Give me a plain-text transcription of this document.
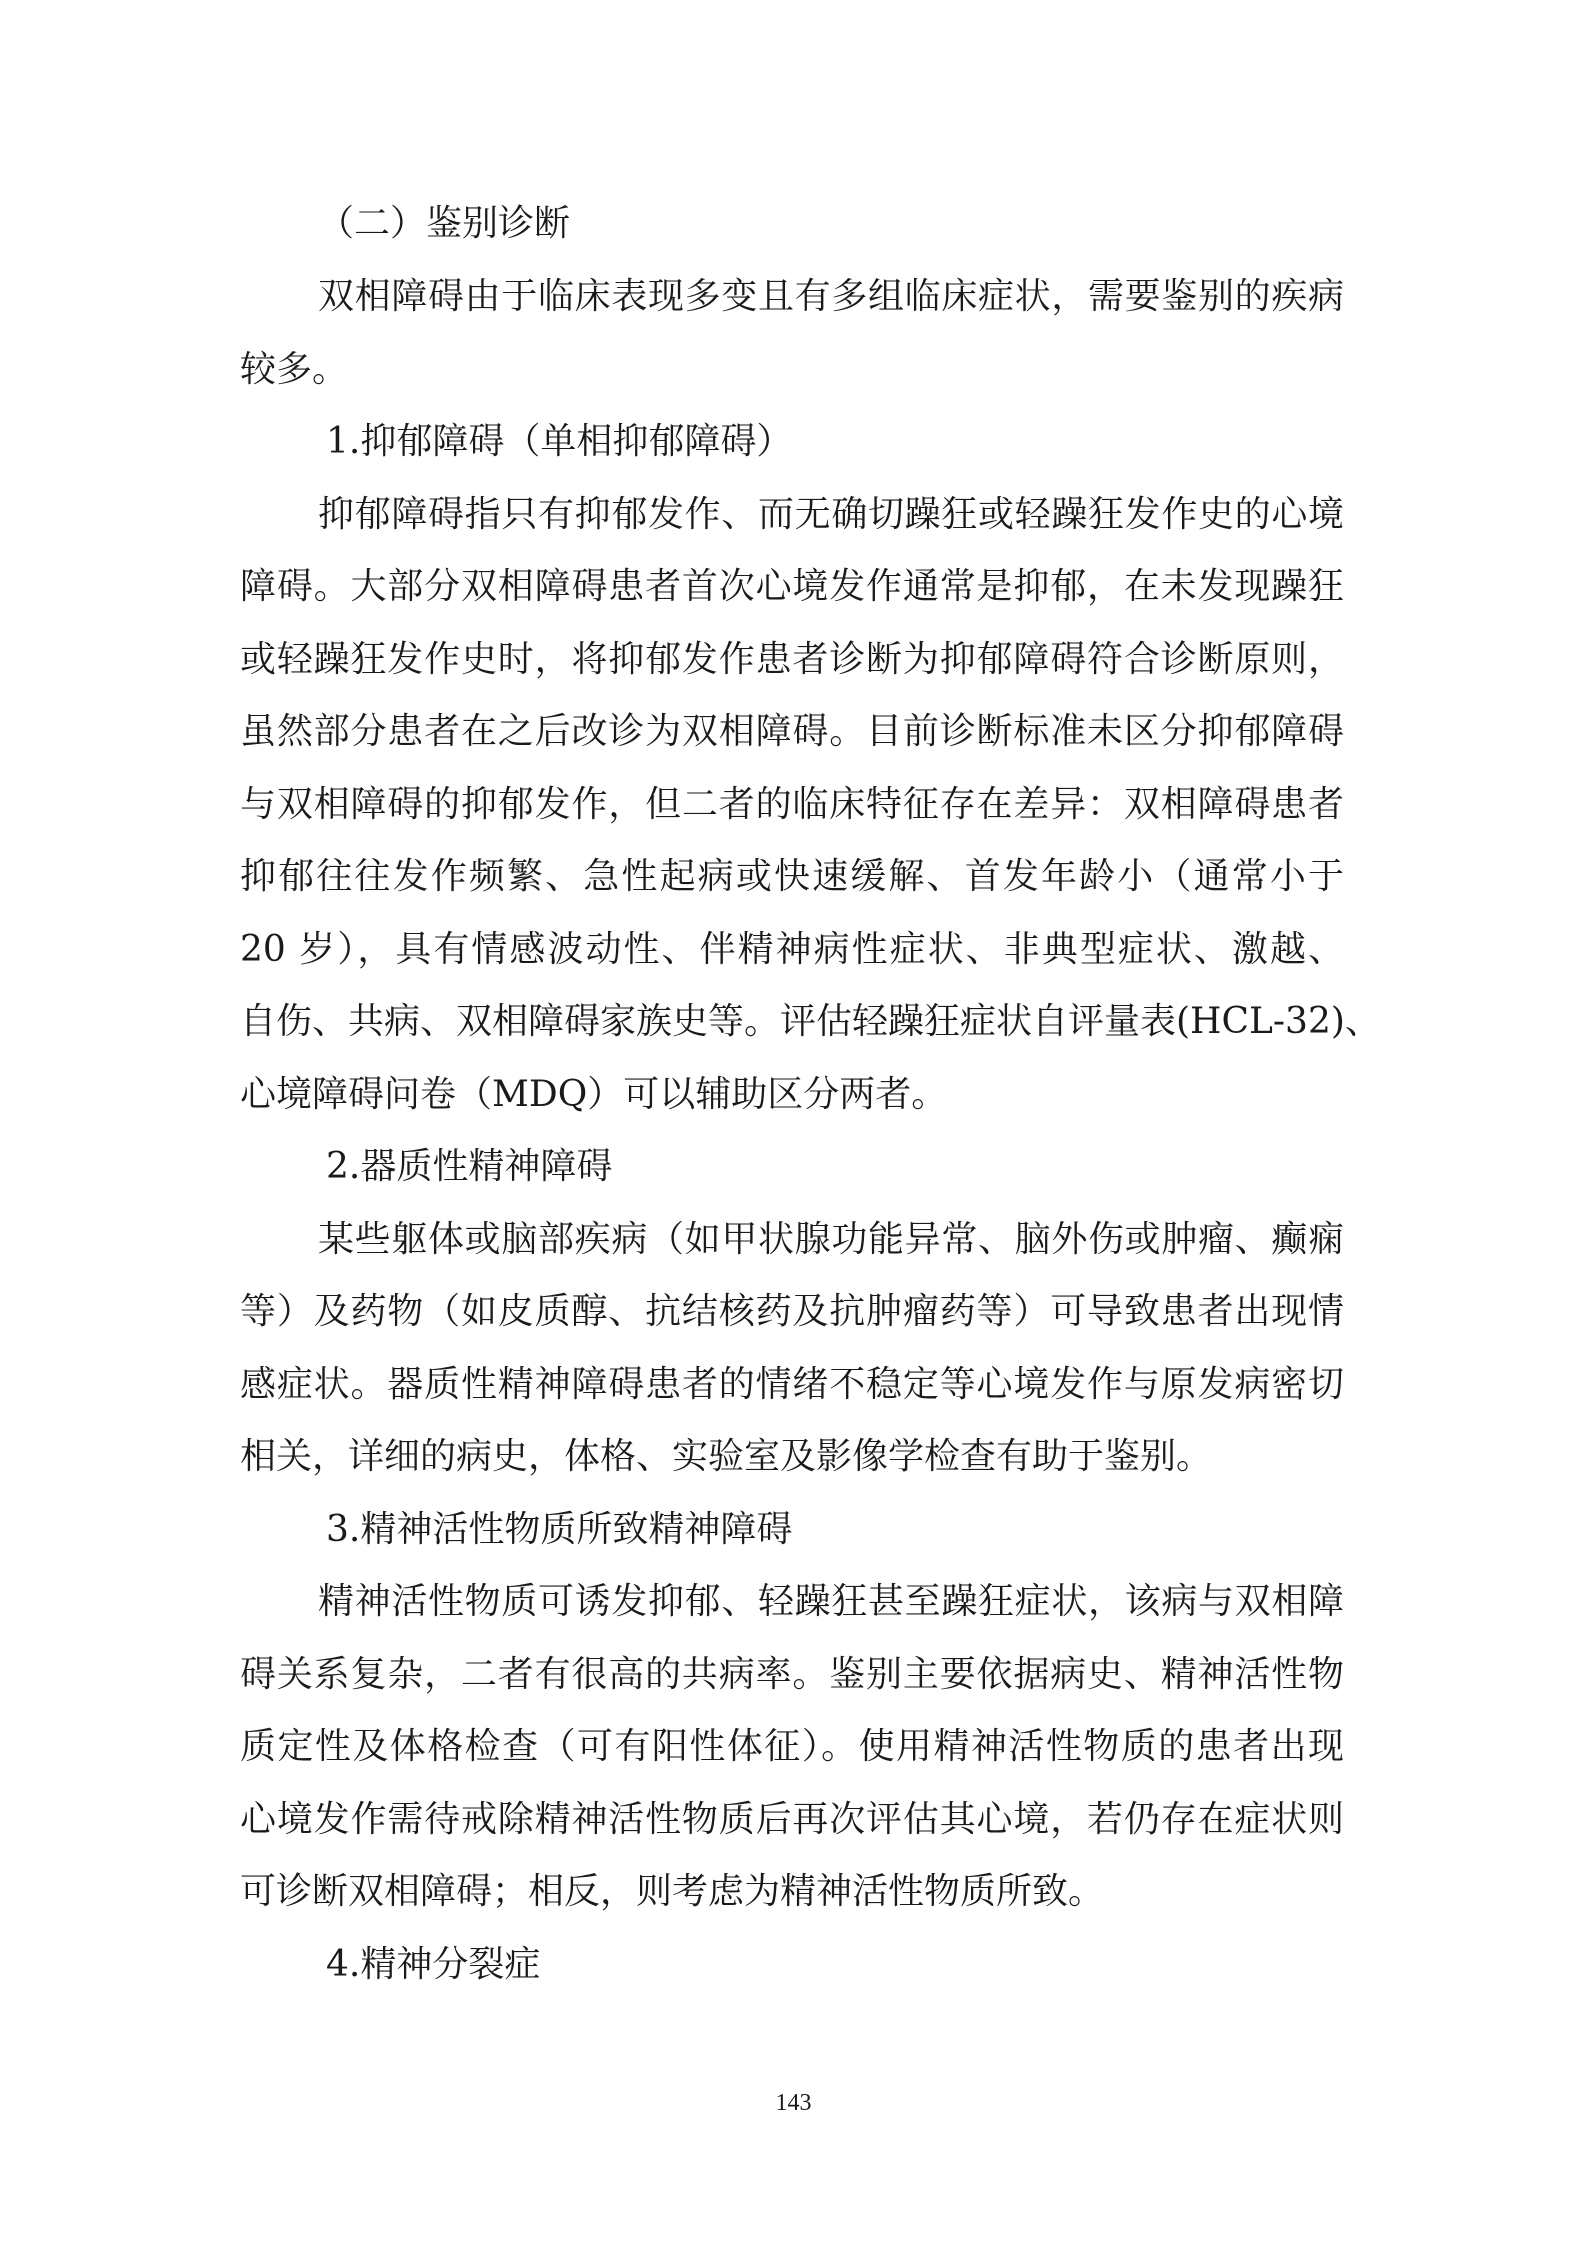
（二）鉴别诊断
双相障碍由于临床表现多变且有多组临床症状，需要鉴别的疾病
较多。
1.抑郁障碍（单相抑郁障碍）
抑郁障碍指只有抑郁发作、而无确切躁狂或轻躁狂发作史的心境
障碍。大部分双相障碍患者首次心境发作通常是抑郁，在未发现躁狂
或轻躁狂发作史时，将抑郁发作患者诊断为抑郁障碍符合诊断原则，
虽然部分患者在之后改诊为双相障碍。目前诊断标准未区分抑郁障碍
与双相障碍的抑郁发作，但二者的临床特征存在差异：双相障碍患者
抑郁往往发作频繁、急性起病或快速缓解、首发年龄小（通常小于
20 岁），具有情感波动性、伴精神病性症状、非典型症状、激越、
自伤、共病、双相障碍家族史等。评估轻躁狂症状自评量表(HCL-32)、
心境障碍问卷（MDQ）可以辅助区分两者。
2.器质性精神障碍
某些躯体或脑部疾病（如甲状腺功能异常、脑外伤或肿瘤、癫痫
等）及药物（如皮质醇、抗结核药及抗肿瘤药等）可导致患者出现情
感症状。器质性精神障碍患者的情绪不稳定等心境发作与原发病密切
相关，详细的病史，体格、实验室及影像学检查有助于鉴别。
3.精神活性物质所致精神障碍
精神活性物质可诱发抑郁、轻躁狂甚至躁狂症状，该病与双相障
碍关系复杂，二者有很高的共病率。鉴别主要依据病史、精神活性物
质定性及体格检查（可有阳性体征）。使用精神活性物质的患者出现
心境发作需待戒除精神活性物质后再次评估其心境，若仍存在症状则
可诊断双相障碍；相反，则考虑为精神活性物质所致。
4.精神分裂症
143
